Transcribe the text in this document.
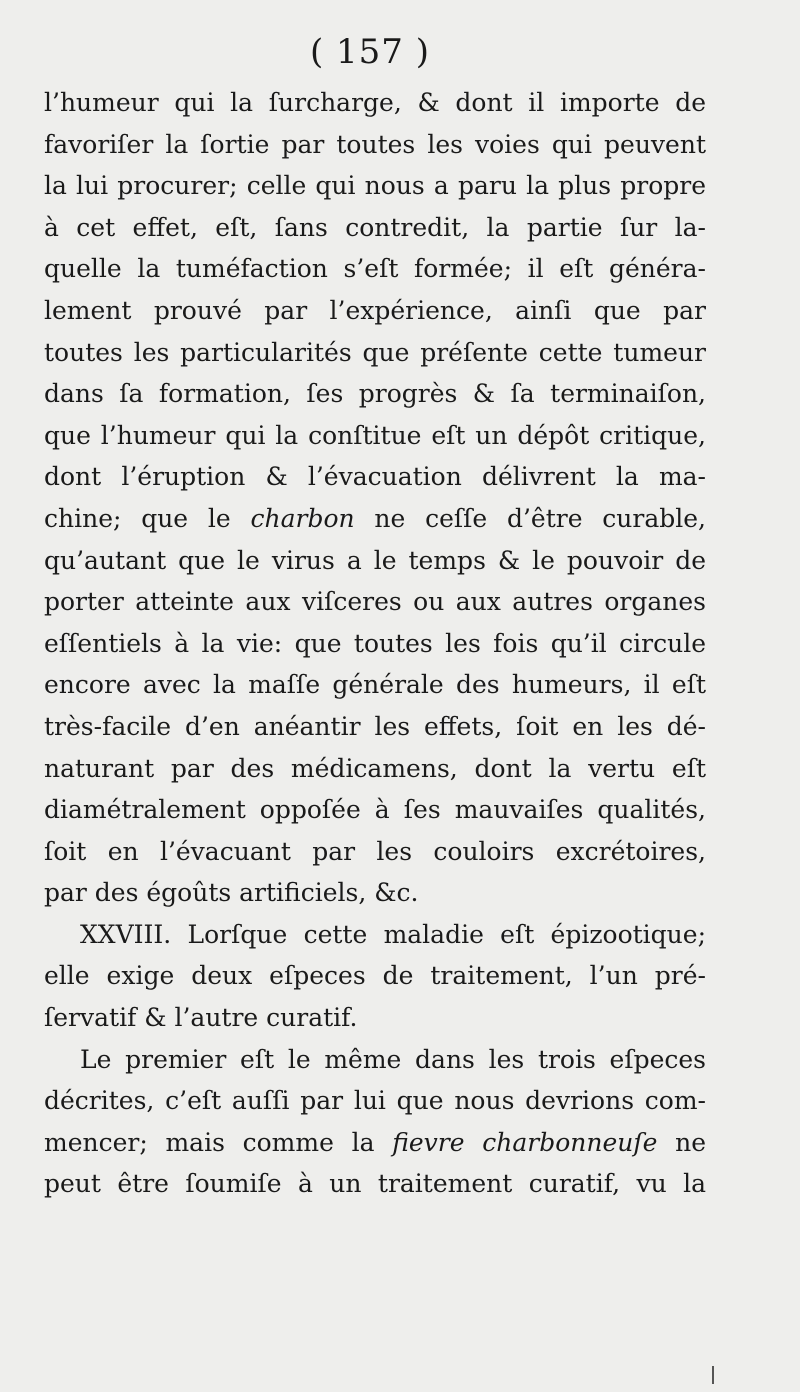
( 157 )
l’humeur qui la ſurcharge, & dont il importe de
favoriſer la ſortie par toutes les voies qui peuvent
la lui procurer; celle qui nous a paru la plus propre
à cet effet, eſt, ſans contredit, la partie ſur la-
quelle la tuméfaction s’eſt formée; il eſt généra-
lement prouvé par l’expérience, ainſi que par
toutes les particularités que préſente cette tumeur
dans ſa formation, ſes progrès & ſa terminaiſon,
que l’humeur qui la conſtitue eſt un dépôt critique,
dont l’éruption & l’évacuation délivrent la ma-
chine; que le charbon ne ceſſe d’être curable,
qu’autant que le virus a le temps & le pouvoir de
porter atteinte aux viſceres ou aux autres organes
eſſentiels à la vie: que toutes les fois qu’il circule
encore avec la maſſe générale des humeurs, il eſt
très-facile d’en anéantir les effets, ſoit en les dé-
naturant par des médicamens, dont la vertu eſt
diamétralement oppoſée à ſes mauvaiſes qualités,
ſoit en l’évacuant par les couloirs excrétoires,
par des égoûts artificiels, &c.
XXVIII. Lorſque cette maladie eſt épizootique;
elle exige deux eſpeces de traitement, l’un pré-
ſervatif & l’autre curatif.
Le premier eſt le même dans les trois eſpeces
décrites, c’eſt auſſi par lui que nous devrions com-
mencer; mais comme la fievre charbonneuſe ne
peut être ſoumiſe à un traitement curatif, vu la
